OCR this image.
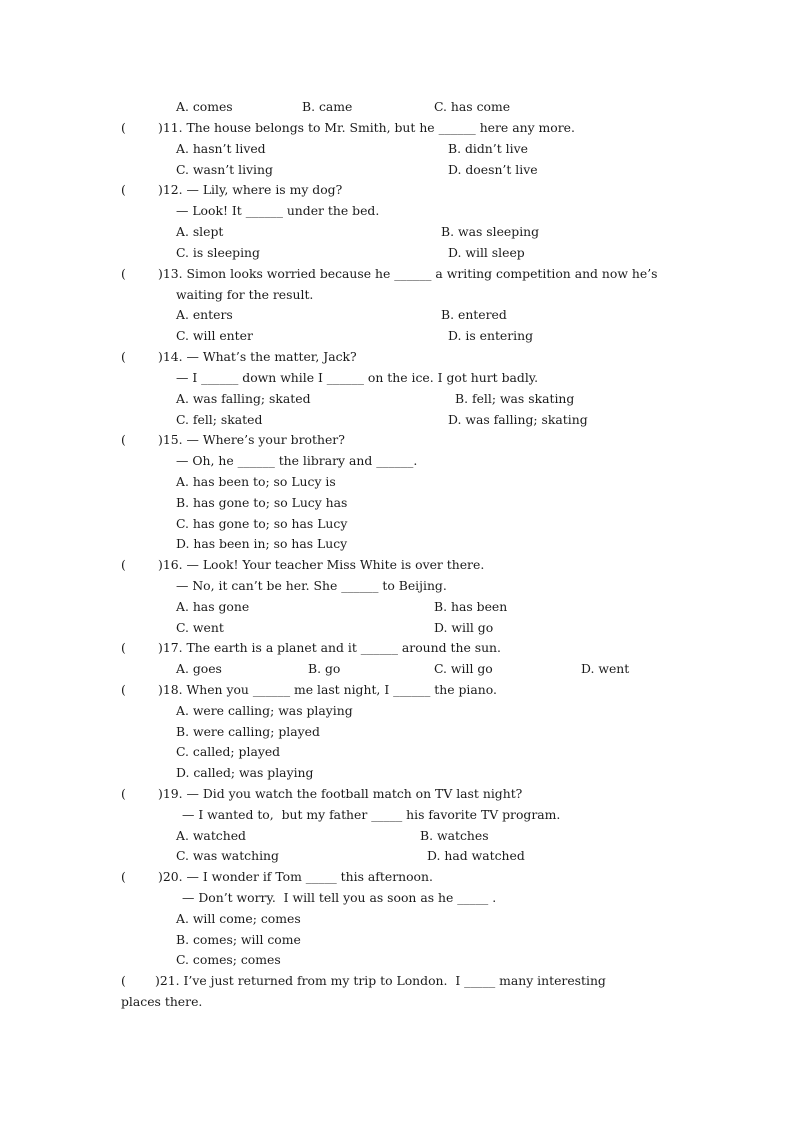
A. comes	B. came	C. has come
(	)11. The house belongs to Mr. Smith, but he ______ here any more.
A. hasn’t lived	B. didn’t live
C. wasn’t living	D. doesn’t live
(	)12. — Lily, where is my dog?
— Look! It ______ under the bed.
A. slept	B. was sleeping
C. is sleeping	D. will sleep
(	)13. Simon looks worried because he ______ a writing competition and now he’s
waiting for the result.
A. enters	B. entered
C. will enter	D. is entering
(	)14. — What’s the matter, Jack?
— I ______ down while I ______ on the ice. I got hurt badly.
A. was falling; skated	B. fell; was skating
C. fell; skated	D. was falling; skating
(	)15. — Where’s your brother?
— Oh, he ______ the library and ______.
A. has been to; so Lucy is
B. has gone to; so Lucy has
C. has gone to; so has Lucy
D. has been in; so has Lucy
(	)16. — Look! Your teacher Miss White is over there.
— No, it can’t be her. She ______ to Beijing.
A. has gone	B. has been
C. went	D. will go
(	)17. The earth is a planet and it ______ around the sun.
A. goes	B. go	C. will go	D. went
(	)18. When you ______ me last night, I ______ the piano.
A. were calling; was playing
B. were calling; played
C. called; played
D. called; was playing
(	)19. — Did you watch the football match on TV last night?
— I wanted to,  but my father _____ his favorite TV program.
A. watched	B. watches
C. was watching	D. had watched
(	)20. — I wonder if Tom _____ this afternoon.
— Don’t worry.  I will tell you as soon as he _____ .
A. will come; comes
B. comes; will come
C. comes; comes
( )21. I’ve just returned from my trip to London.  I _____ many interesting
places there.
